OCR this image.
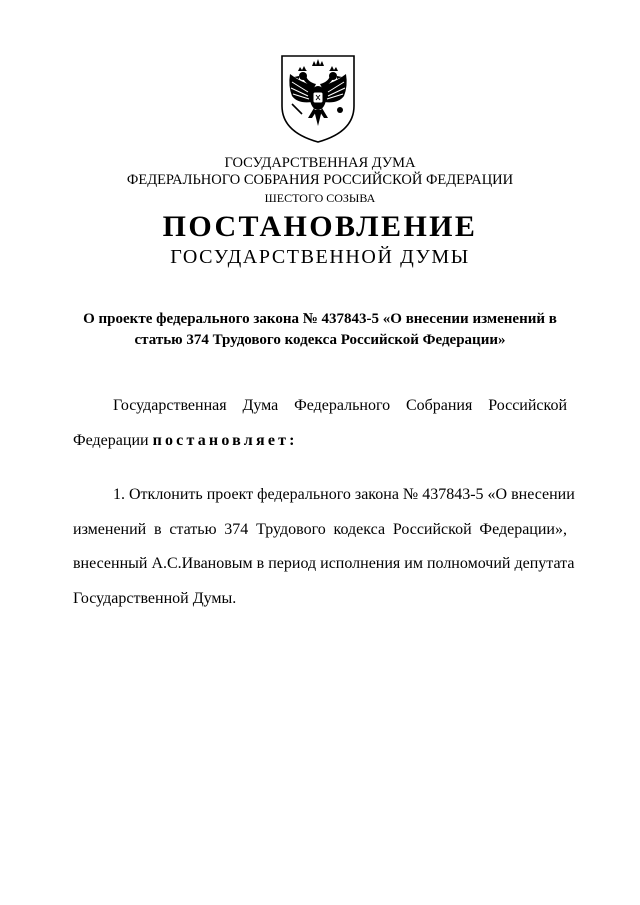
ГОСУДАРСТВЕННАЯ ДУМА
ФЕДЕРАЛЬНОГО СОБРАНИЯ РОССИЙСКОЙ ФЕДЕРАЦИИ
ШЕСТОГО СОЗЫВА
ПОСТАНОВЛЕНИЕ
ГОСУДАРСТВЕННОЙ ДУМЫ
О проекте федерального закона № 437843-5 «О внесении изменений в
статью 374 Трудового кодекса Российской Федерации»
Государственная Дума Федерального Собрания Российской
Федерации постановляет:
1. Отклонить проект федерального закона № 437843-5 «О внесении
изменений в статью 374 Трудового кодекса Российской Федерации»,
внесенный А.С.Ивановым в период исполнения им полномочий депутата
Государственной Думы.
